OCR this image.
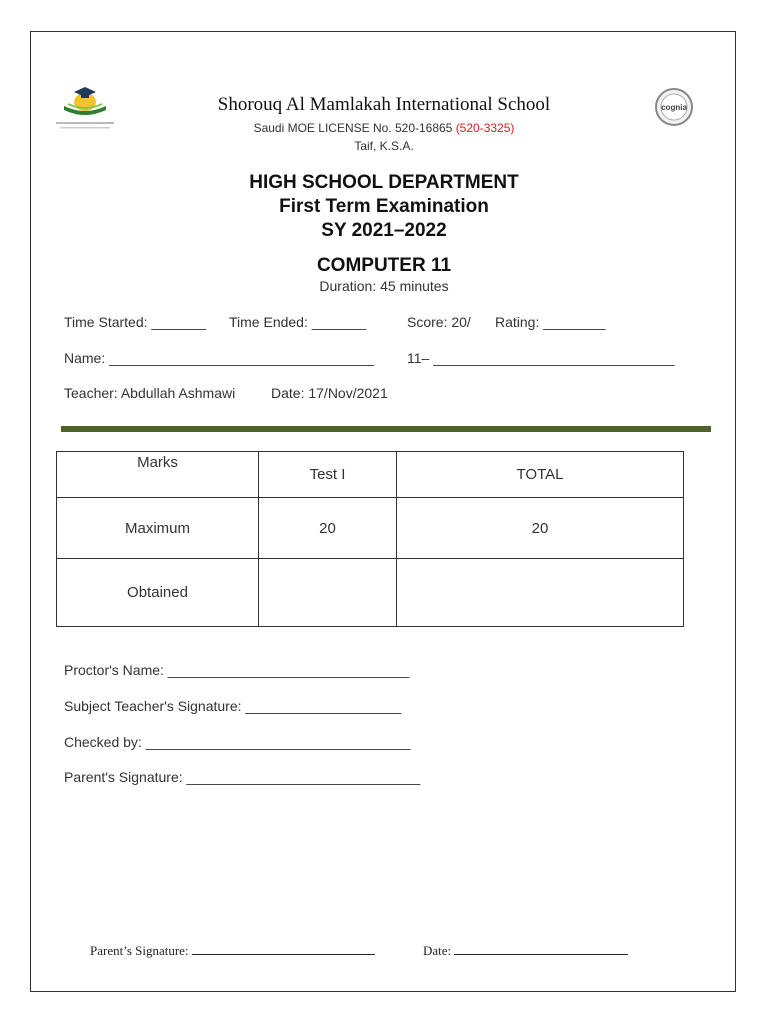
cognia
Shorouq Al Mamlakah International School
Saudi MOE LICENSE No. 520-16865 (520-3325)
Taif, K.S.A.
HIGH SCHOOL DEPARTMENT
First Term Examination
SY 2021–2022
COMPUTER 11
Duration: 45 minutes
Time Started: _______ Time Ended: _______	Score: 20/ Rating: ________
Name: __________________________________ 11– _______________________________
Teacher: Abdullah Ashmawi	Date: 17/Nov/2021
Marks	Test I	TOTAL
Maximum	20	20
Obtained		
Proctor's Name: _______________________________
Subject Teacher's Signature: ____________________
Checked by: __________________________________
Parent's Signature: ______________________________
Parent’s Signature:	Date:
